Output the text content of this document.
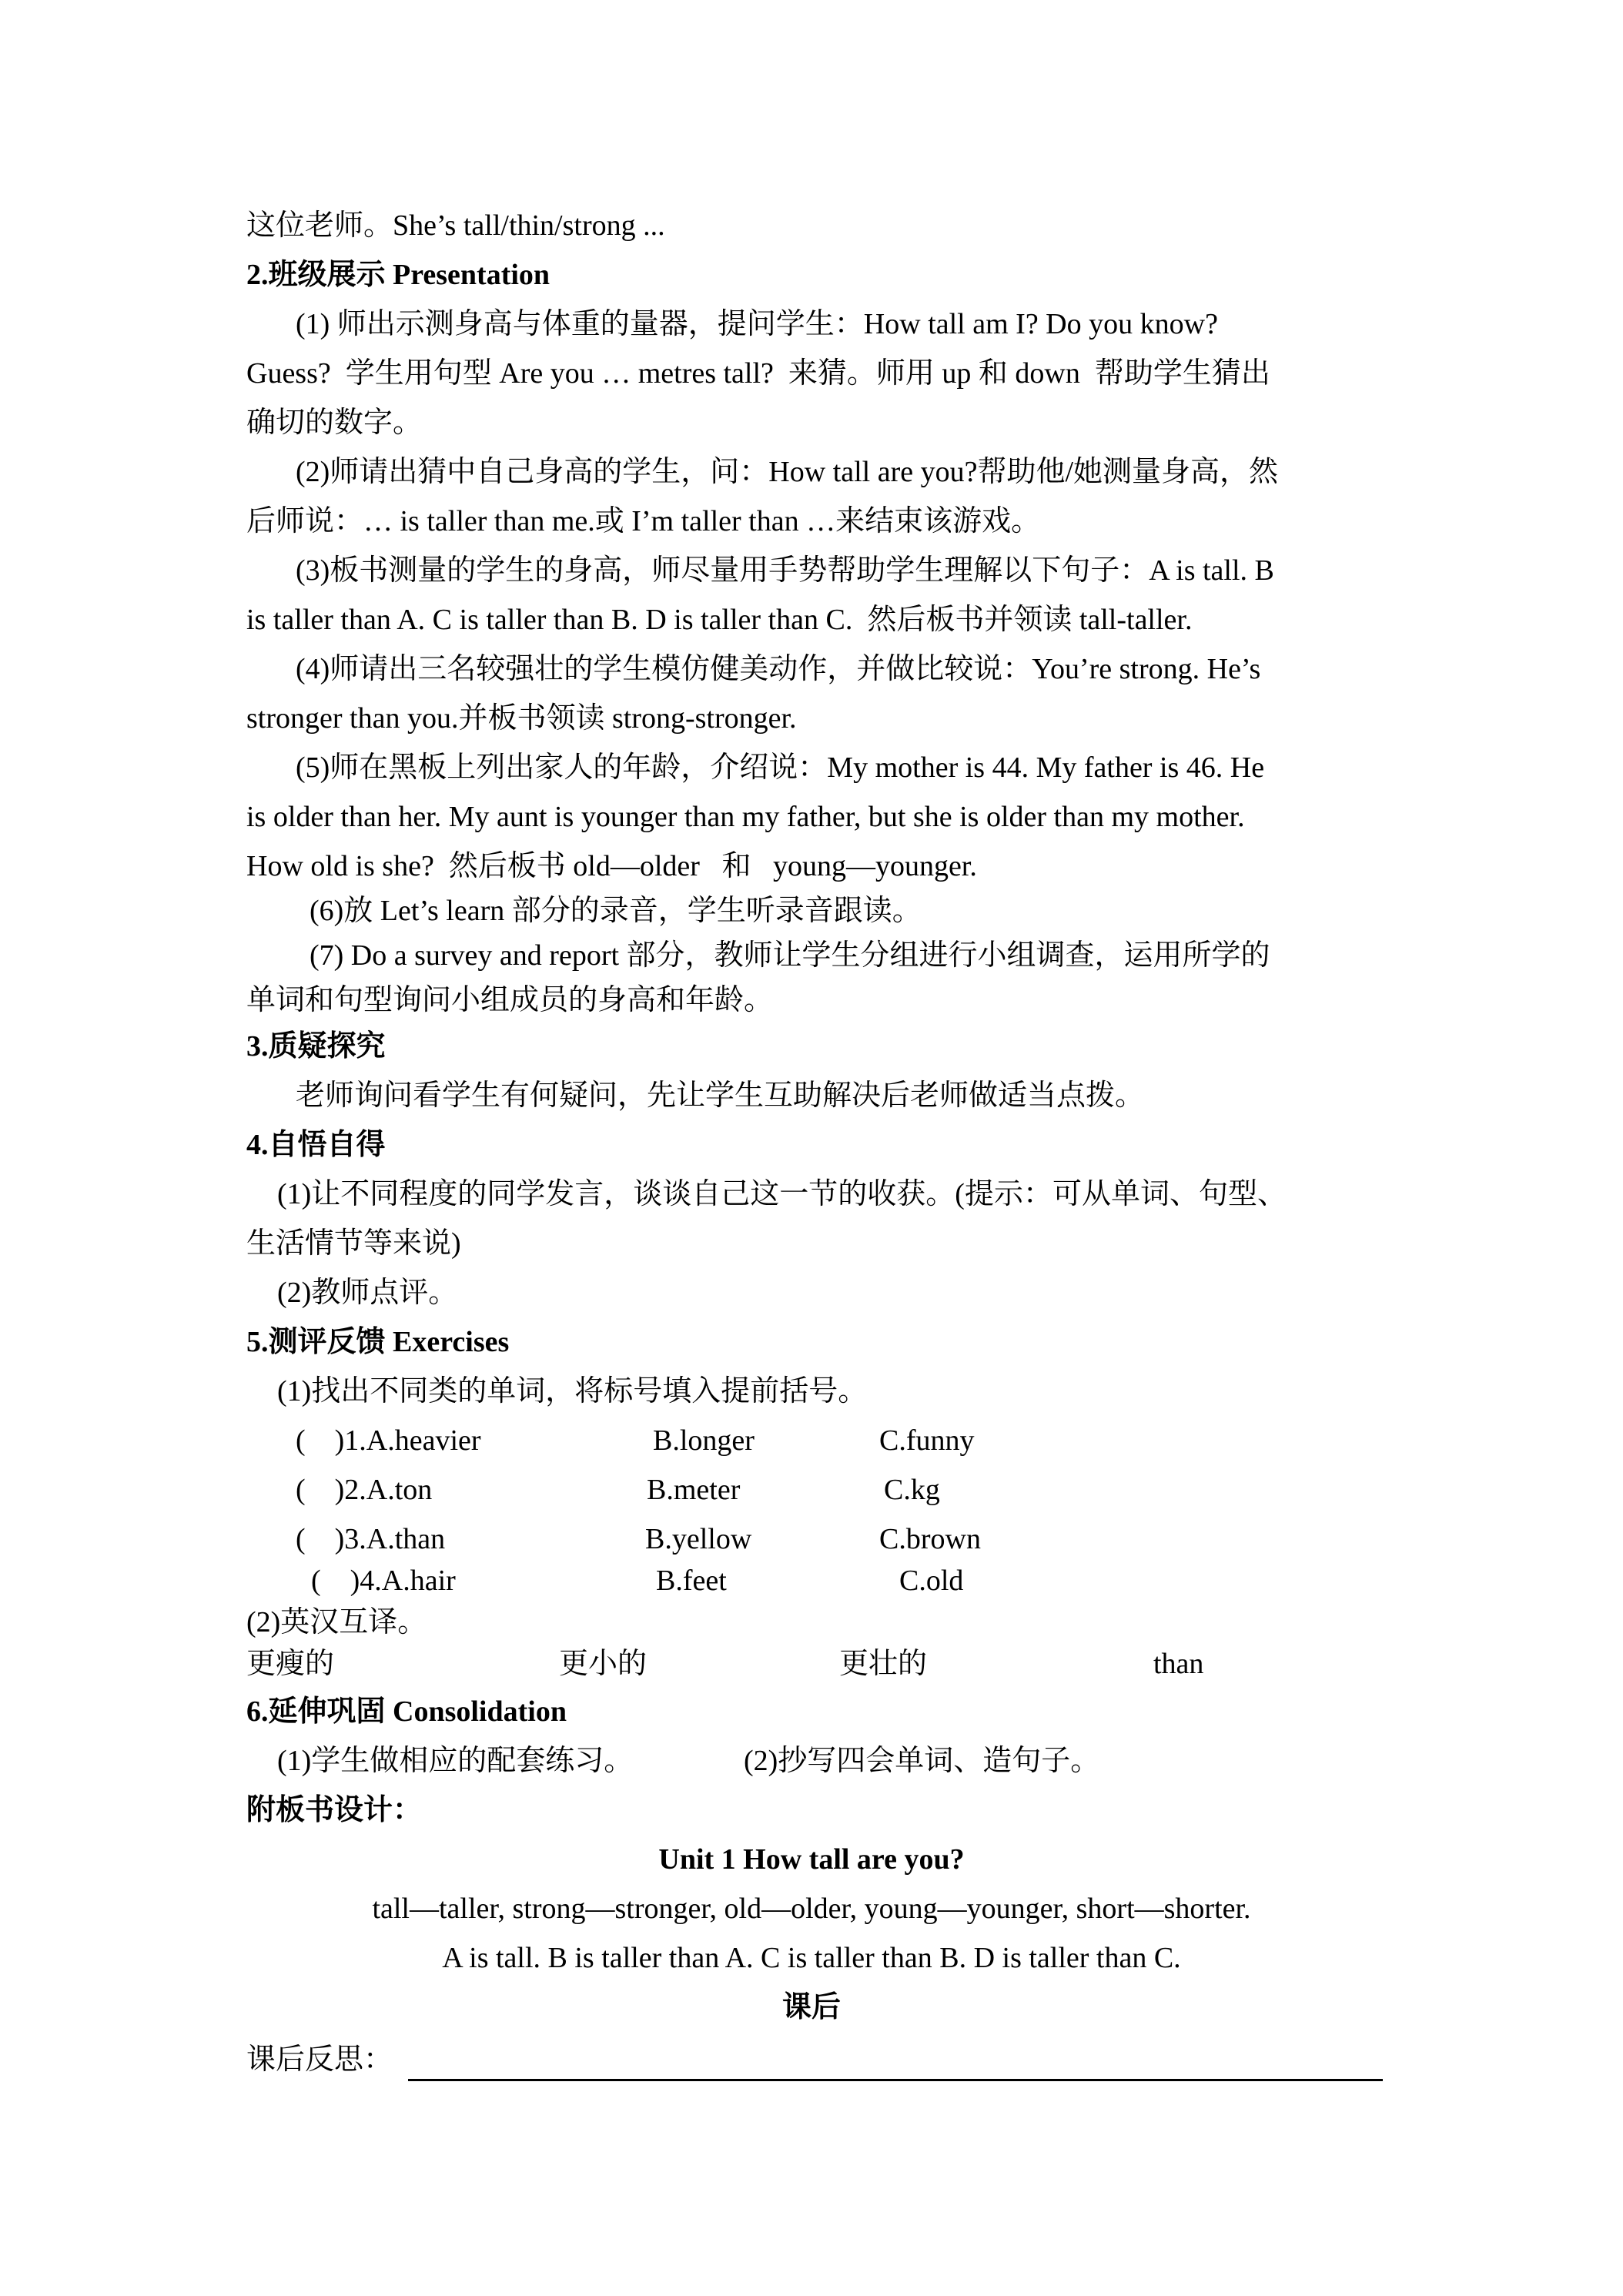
这位老师。She’s tall/thin/strong ...
2.班级展示 Presentation
(1) 师出示测身高与体重的量器，提问学生：How tall am I? Do you know?
Guess?  学生用句型 Are you … metres tall?  来猜。师用 up 和 down  帮助学生猜出
确切的数字。
(2)师请出猜中自己身高的学生，问：How tall are you?帮助他/她测量身高，然
后师说：… is taller than me.或 I’m taller than …来结束该游戏。
(3)板书测量的学生的身高，师尽量用手势帮助学生理解以下句子：A is tall. B
is taller than A. C is taller than B. D is taller than C.  然后板书并领读 tall-taller.
(4)师请出三名较强壮的学生模仿健美动作，并做比较说：You’re strong. He’s
stronger than you.并板书领读 strong-stronger.
(5)师在黑板上列出家人的年龄，介绍说：My mother is 44. My father is 46. He
is older than her. My aunt is younger than my father, but she is older than my mother.
How old is she?  然后板书 old—older   和   young—younger.
(6)放 Let’s learn 部分的录音，学生听录音跟读。
(7) Do a survey and report 部分，教师让学生分组进行小组调查，运用所学的
单词和句型询问小组成员的身高和年龄。
3.质疑探究
老师询问看学生有何疑问，先让学生互助解决后老师做适当点拨。
4.自悟自得
(1)让不同程度的同学发言，谈谈自己这一节的收获。(提示：可从单词、句型、
生活情节等来说)
(2)教师点评。
5.测评反馈 Exercises
(1)找出不同类的单词，将标号填入提前括号。
(    )1.A.heavier	B.longer	C.funny
(    )2.A.ton	B.meter	C.kg
(    )3.A.than	B.yellow	C.brown
(    )4.A.hair	B.feet	C.old
(2)英汉互译。
更瘦的	更小的	更壮的	than
6.延伸巩固 Consolidation
(1)学生做相应的配套练习。	(2)抄写四会单词、造句子。
附板书设计：
Unit 1 How tall are you?
tall—taller, strong—stronger, old—older, young—younger, short—shorter.
A is tall. B is taller than A. C is taller than B. D is taller than C.
课后
课后反思：
